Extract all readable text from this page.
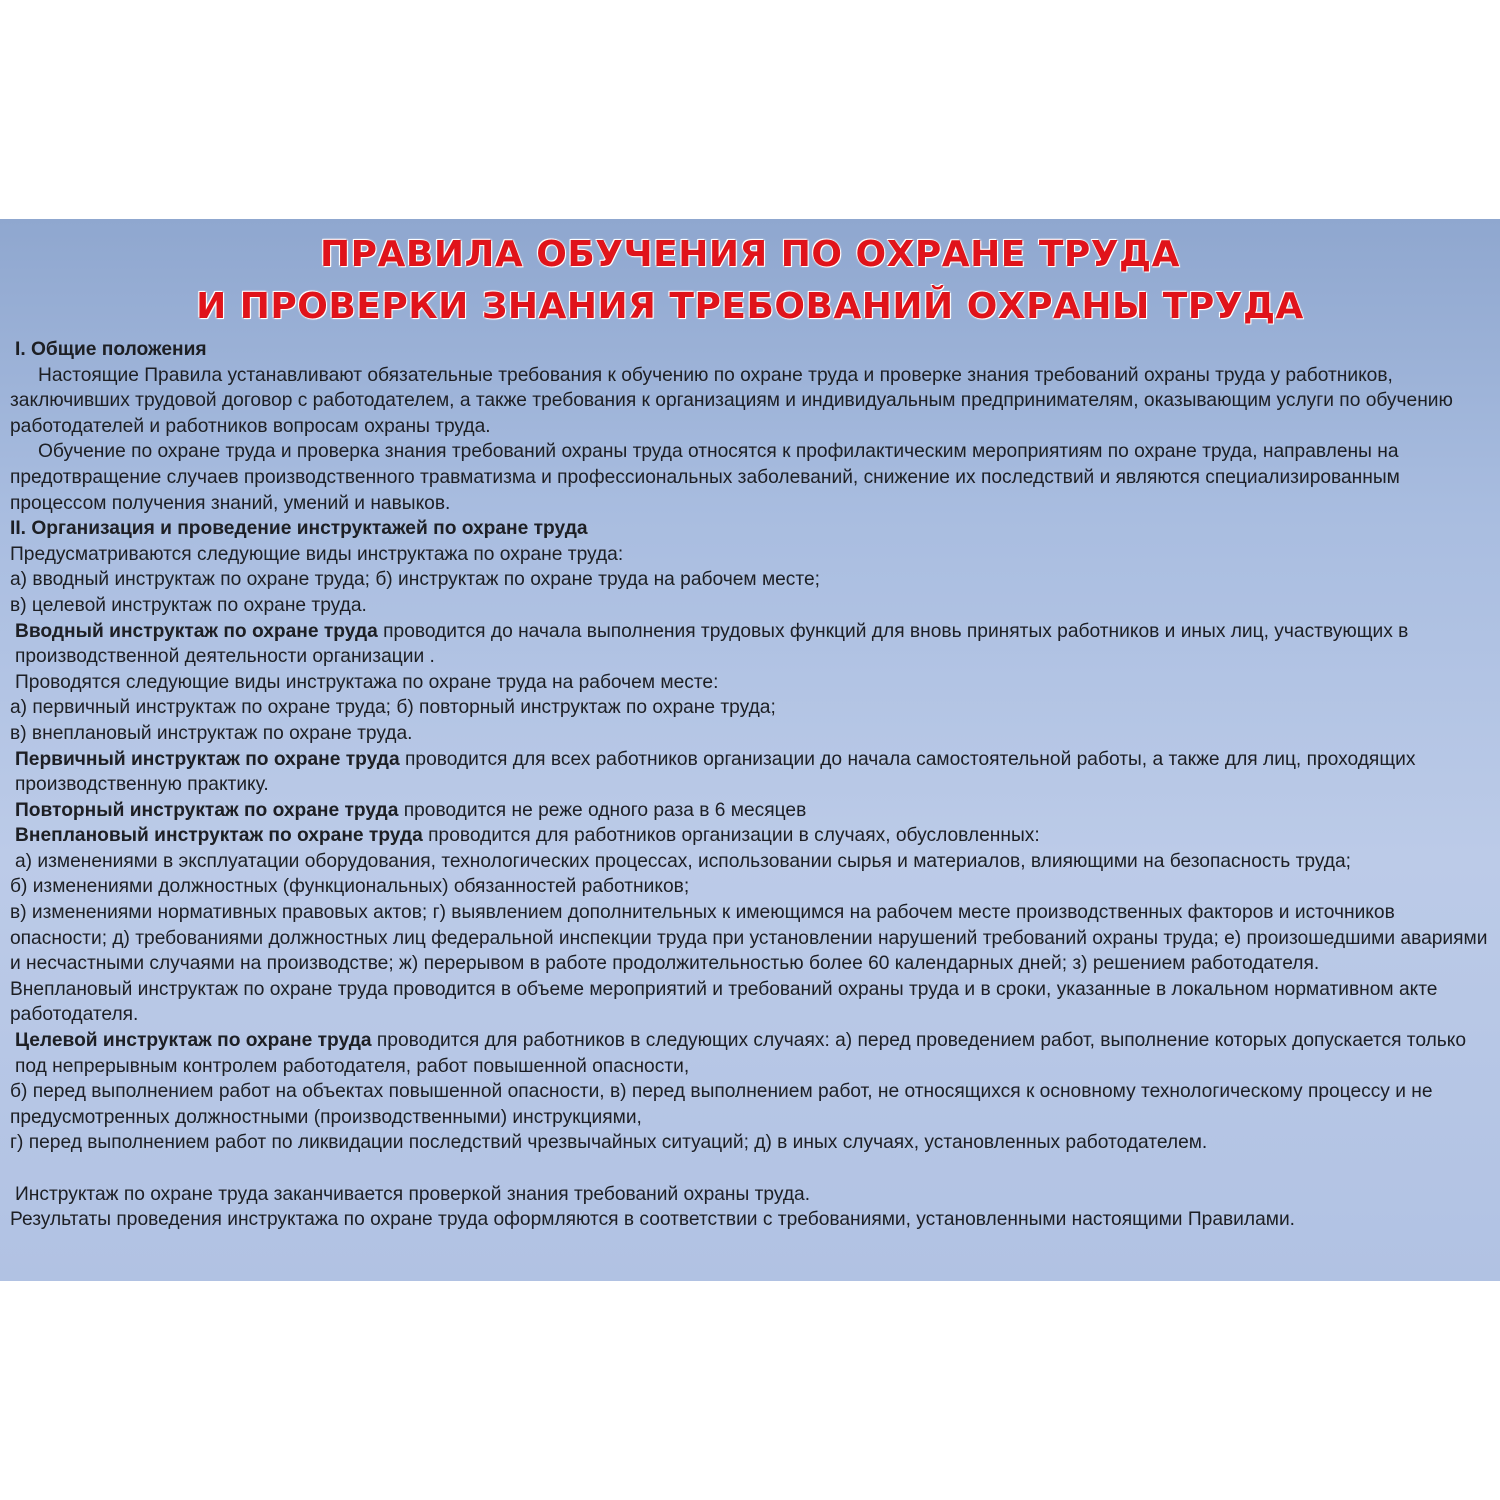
ПРАВИЛА ОБУЧЕНИЯ ПО ОХРАНЕ ТРУДА
И ПРОВЕРКИ ЗНАНИЯ ТРЕБОВАНИЙ ОХРАНЫ ТРУДА

I. Общие положения

Настоящие Правила устанавливают обязательные требования к обучению по охране труда и проверке знания требований охраны труда у работников, заключивших трудовой договор с работодателем, а также требования к организациям и индивидуальным предпринимателям, оказывающим услуги по обучению работодателей и работников вопросам охраны труда.

Обучение по охране труда и проверка знания требований охраны труда относятся к профилактическим мероприятиям по охране труда, направлены на предотвращение случаев производственного травматизма и профессиональных заболеваний, снижение их последствий и являются специализированным процессом получения знаний, умений и навыков.

II. Организация и проведение инструктажей по охране труда

Предусматриваются следующие виды инструктажа по охране труда:

а) вводный инструктаж по охране труда; б) инструктаж по охране труда на рабочем месте;

в) целевой инструктаж по охране труда.

Вводный инструктаж по охране труда проводится до начала выполнения трудовых функций для вновь принятых работников и иных лиц, участвующих в производственной деятельности организации .

Проводятся следующие виды инструктажа по охране труда на рабочем месте:

а) первичный инструктаж по охране труда; б) повторный инструктаж по охране труда;

в) внеплановый инструктаж по охране труда.

Первичный инструктаж по охране труда проводится для всех работников организации до начала самостоятельной работы, а также для лиц, проходящих производственную практику.

Повторный инструктаж по охране труда проводится не реже одного раза в 6 месяцев

Внеплановый инструктаж по охране труда проводится для работников организации в случаях, обусловленных:

а) изменениями в эксплуатации оборудования, технологических процессах, использовании сырья и материалов, влияющими на безопасность труда;

б) изменениями должностных (функциональных) обязанностей работников;

в) изменениями нормативных правовых актов; г) выявлением дополнительных к имеющимся на рабочем месте производственных факторов и источников опасности; д) требованиями должностных лиц федеральной инспекции труда при установлении нарушений требований охраны труда; е) произошедшими авариями и несчастными случаями на производстве; ж) перерывом в работе продолжительностью более 60 календарных дней; з) решением работодателя.

Внеплановый инструктаж по охране труда проводится в объеме мероприятий и требований охраны труда и в сроки, указанные в локальном нормативном акте работодателя.

Целевой инструктаж по охране труда проводится для работников в следующих случаях: а) перед проведением работ, выполнение которых допускается только под непрерывным контролем работодателя, работ повышенной опасности,

б) перед выполнением работ на объектах повышенной опасности, в) перед выполнением работ, не относящихся к основному технологическому процессу и не предусмотренных должностными (производственными) инструкциями,

г) перед выполнением работ по ликвидации последствий чрезвычайных ситуаций; д) в иных случаях, установленных работодателем.

Инструктаж по охране труда заканчивается проверкой знания требований охраны труда.

Результаты проведения инструктажа по охране труда оформляются в соответствии с требованиями, установленными настоящими Правилами.
